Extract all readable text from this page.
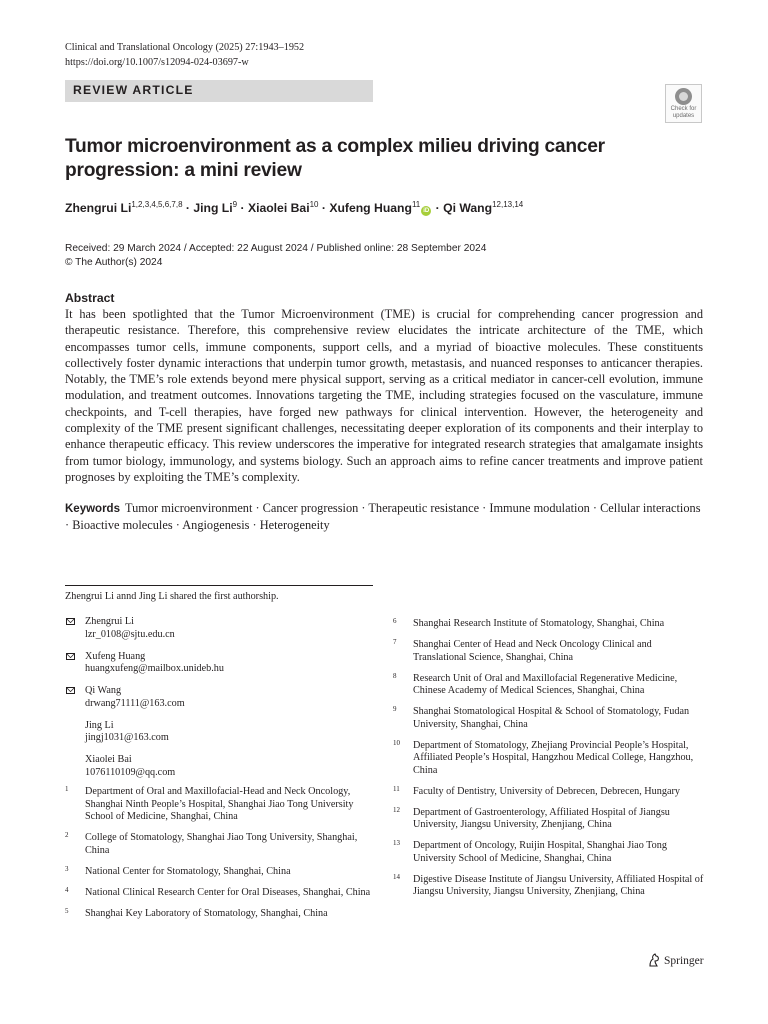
Clinical and Translational Oncology (2025) 27:1943–1952
https://doi.org/10.1007/s12094-024-03697-w
REVIEW ARTICLE
Check for
updates
Tumor microenvironment as a complex milieu driving cancer progression: a mini review
Zhengrui Li$^{1,2,3,4,5,6,7,8}$ · Jing $Li^9$ · Xiaolei Bai$^{10}$ · Xufeng Huang$^{11}$iD · Qi Wang$^{12,13,14}$
Received: 29 March 2024 / Accepted: 22 August 2024 / Published online: 28 September 2024
© The Author(s) 2024
Abstract
It has been spotlighted that the Tumor Microenvironment (TME) is crucial for comprehending cancer progression and therapeutic resistance. Therefore, this comprehensive review elucidates the intricate architecture of the TME, which encompasses tumor cells, immune components, support cells, and a myriad of bioactive molecules. These constituents collectively foster dynamic interactions that underpin tumor growth, metastasis, and nuanced responses to anticancer therapies. Notably, the TME’s role extends beyond mere physical support, serving as a critical mediator in cancer-cell evolution, immune modulation, and treatment outcomes. Innovations targeting the TME, including strategies focused on the vasculature, immune checkpoints, and T-cell therapies, have forged new pathways for clinical intervention. However, the heterogeneity and complexity of the TME present significant challenges, necessitating deeper exploration of its components and their interplay to enhance therapeutic efficacy. This review underscores the imperative for integrated research strategies that amalgamate insights from tumor biology, immunology, and systems biology. Such an approach aims to refine cancer treatments and improve patient prognoses by exploiting the TME’s complexity.
Keywords Tumor microenvironment · Cancer progression · Therapeutic resistance · Immune modulation · Cellular interactions · Bioactive molecules · Angiogenesis · Heterogeneity
Zhengrui Li annd Jing Li shared the first authorship.
Zhengrui Li
lzr_0108@sjtu.edu.cn
Xufeng Huang
huangxufeng@mailbox.unideb.hu
Qi Wang
drwang71111@163.com
Jing Li
jingj1031@163.com
Xiaolei Bai
1076110109@qq.com
1 Department of Oral and Maxillofacial-Head and Neck Oncology, Shanghai Ninth People’s Hospital, Shanghai Jiao Tong University School of Medicine, Shanghai, China
2 College of Stomatology, Shanghai Jiao Tong University, Shanghai, China
3 National Center for Stomatology, Shanghai, China
4 National Clinical Research Center for Oral Diseases, Shanghai, China
5 Shanghai Key Laboratory of Stomatology, Shanghai, China
6 Shanghai Research Institute of Stomatology, Shanghai, China
7 Shanghai Center of Head and Neck Oncology Clinical and Translational Science, Shanghai, China
8 Research Unit of Oral and Maxillofacial Regenerative Medicine, Chinese Academy of Medical Sciences, Shanghai, China
9 Shanghai Stomatological Hospital & School of Stomatology, Fudan University, Shanghai, China
10 Department of Stomatology, Zhejiang Provincial People’s Hospital, Affiliated People’s Hospital, Hangzhou Medical College, Hangzhou, China
11 Faculty of Dentistry, University of Debrecen, Debrecen, Hungary
12 Department of Gastroenterology, Affiliated Hospital of Jiangsu University, Jiangsu University, Zhenjiang, China
13 Department of Oncology, Ruijin Hospital, Shanghai Jiao Tong University School of Medicine, Shanghai, China
14 Digestive Disease Institute of Jiangsu University, Affiliated Hospital of Jiangsu University, Jiangsu University, Zhenjiang, China
Springer
